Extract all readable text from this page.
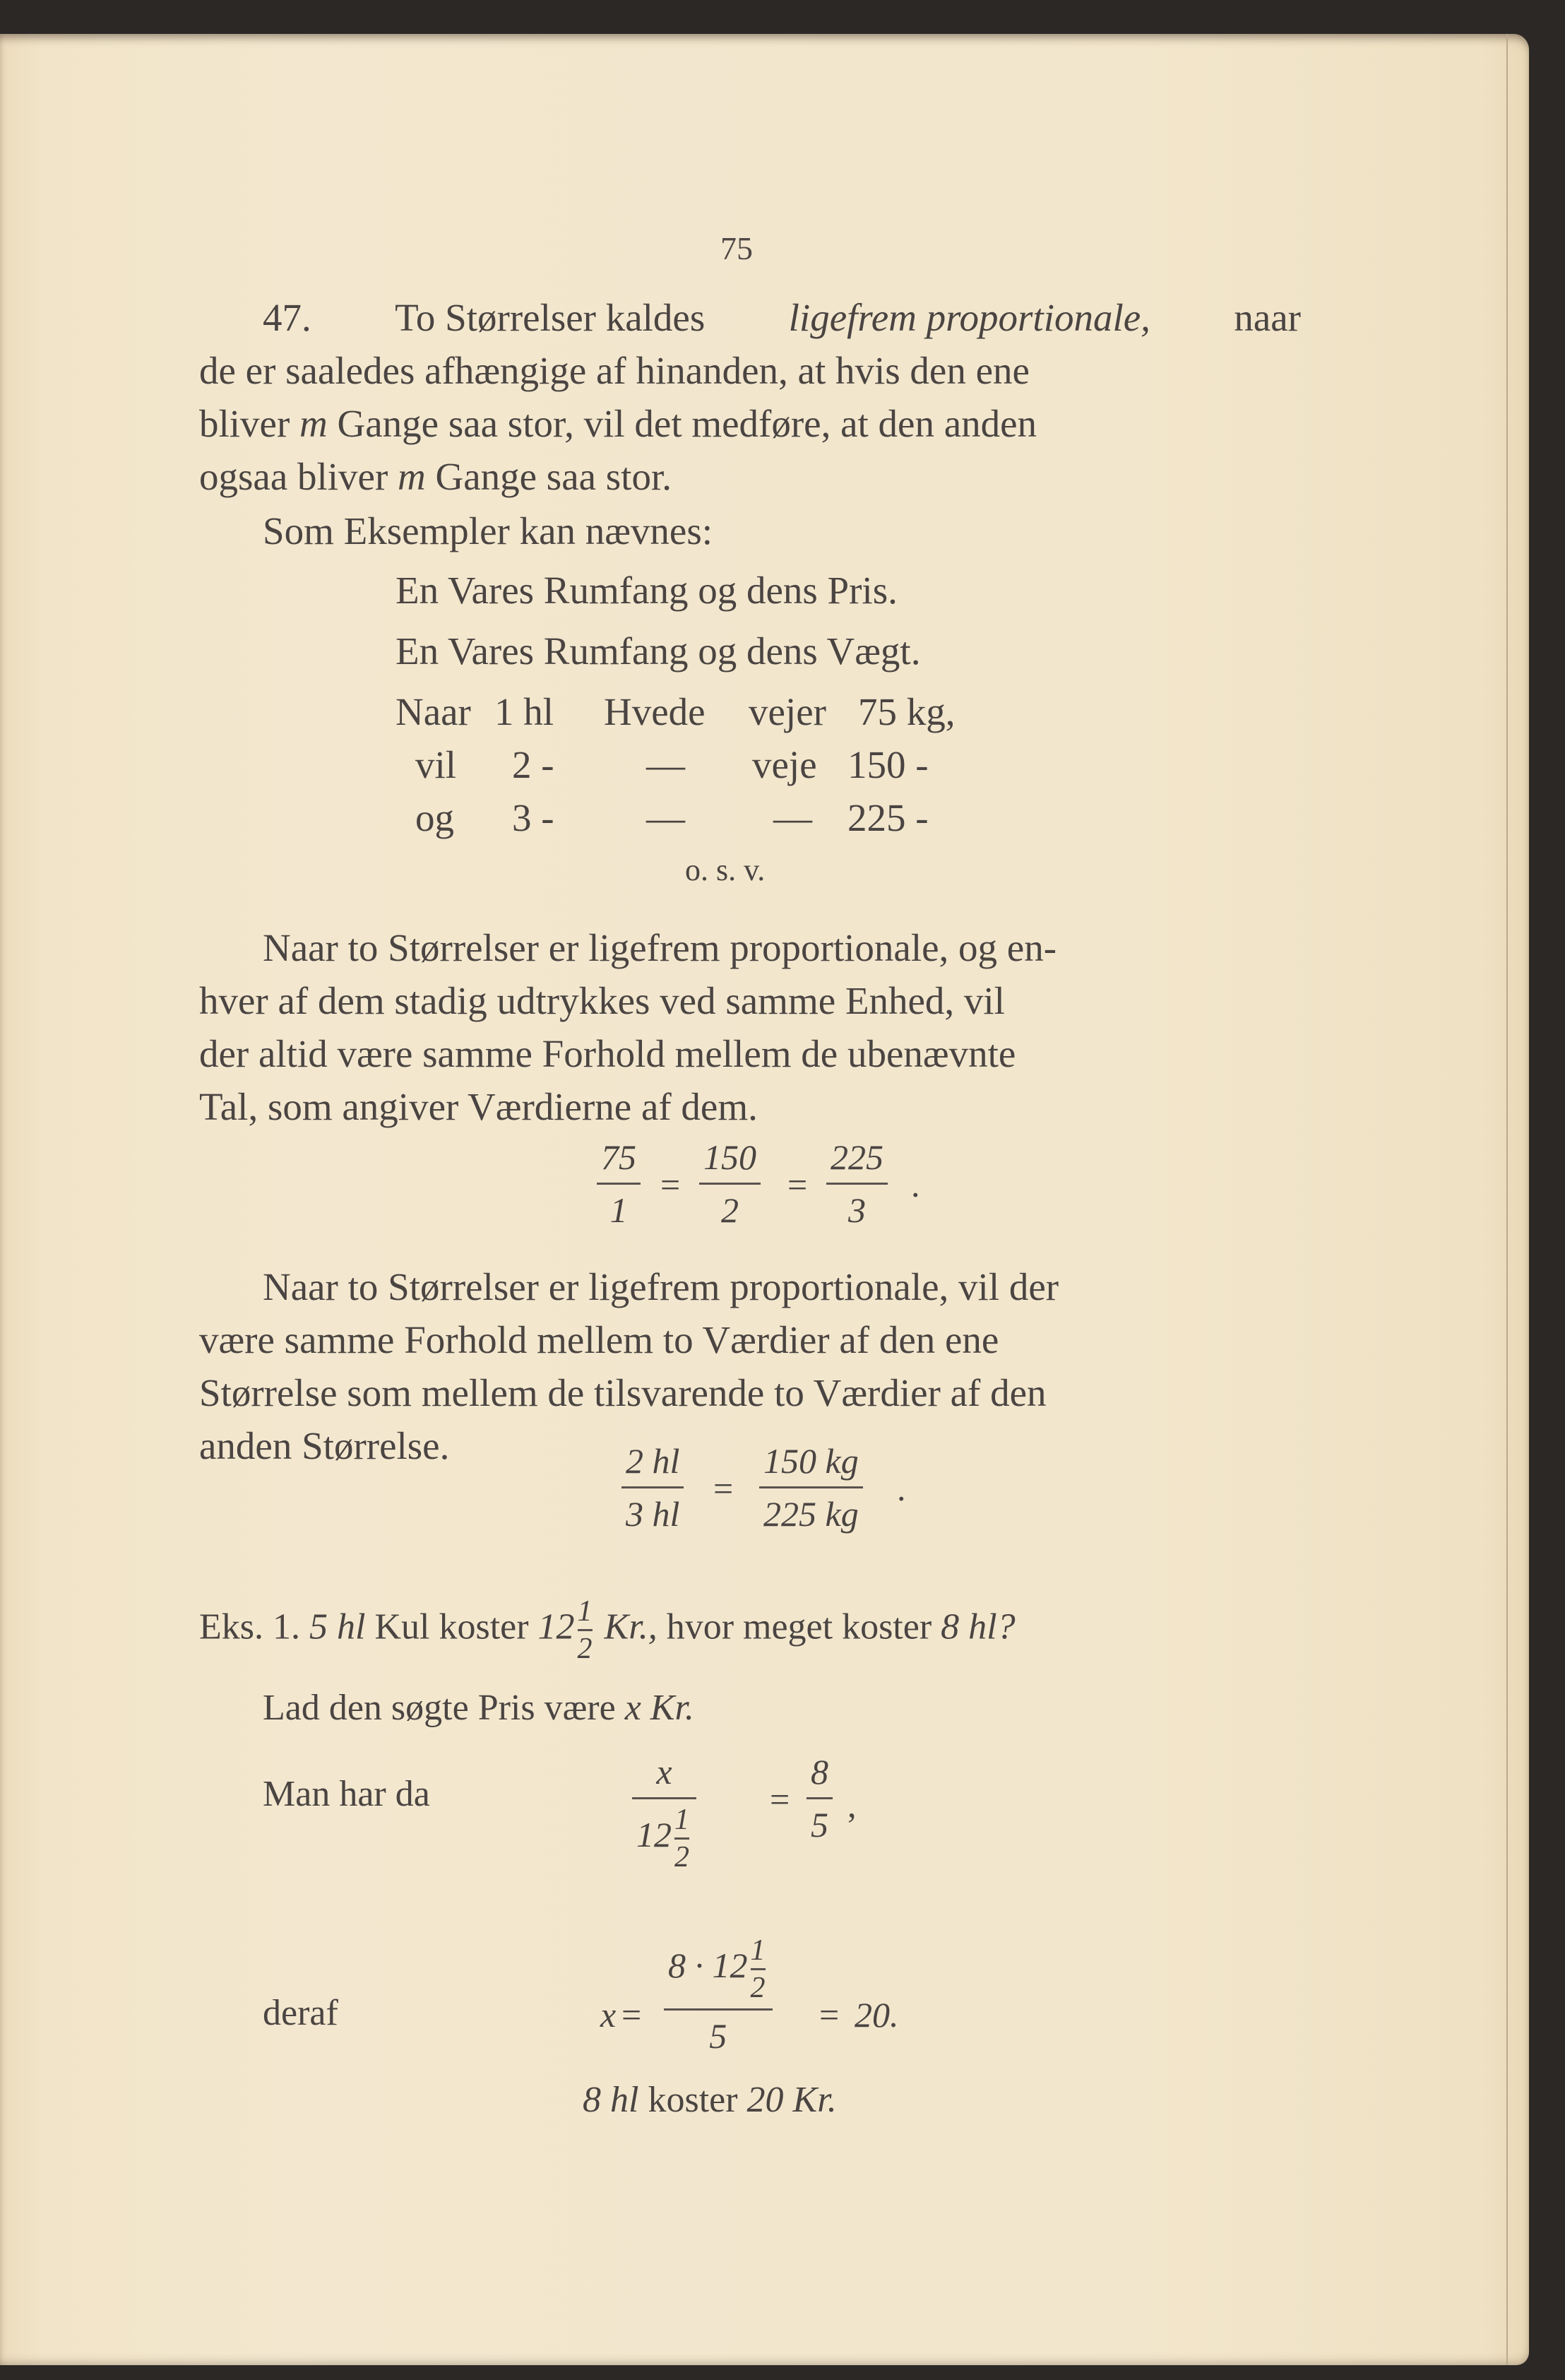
75
47. To Størrelser kaldes ligefrem proportionale, naar
de er saaledes afhængige af hinanden, at hvis den ene
bliver m Gange saa stor, vil det medføre, at den anden
ogsaa bliver m Gange saa stor.
Som Eksempler kan nævnes:
En Vares Rumfang og dens Pris.
En Vares Rumfang og dens Vægt.
Naar 1 hl Hvede vejer 75 kg,
vil 2 - — veje 150 -
og 3 - — — 225 -
o. s. v.
Naar to Størrelser er ligefrem proportionale, og en-
hver af dem stadig udtrykkes ved samme Enhed, vil
der altid være samme Forhold mellem de ubenævnte
Tal, som angiver Værdierne af dem.
75
1
=
150
2
=
225
3
.
Naar to Størrelser er ligefrem proportionale, vil der
være samme Forhold mellem to Værdier af den ene
Størrelse som mellem de tilsvarende to Værdier af den
anden Størrelse.	2 hl
3 hl
=
150 kg
225 kg
.
Eks. 1. 5 hl Kul koster $12 \frac{1}{2} Kr$., hvor meget koster 8 hl?
Lad den søgte Pris være x Kr.
Man har da
x
$12 \frac{1}{2}$
=
8
5 ,
deraf	x =
$8 \cdot 12 \frac{1}{2}$
5
= 20.
8 hl koster 20 Kr.
